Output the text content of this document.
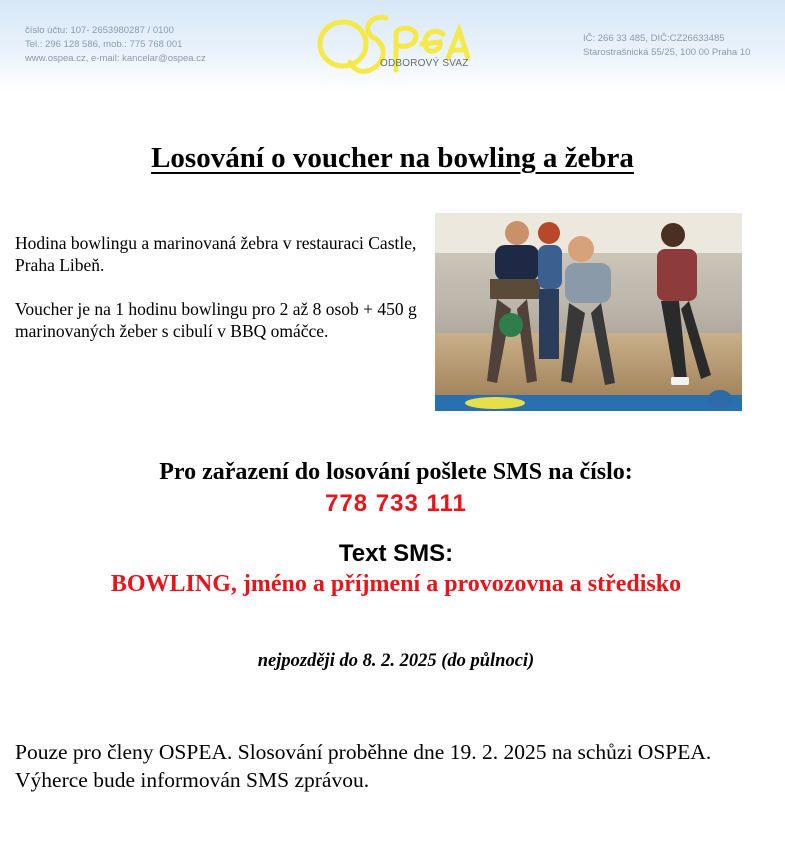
číslo účtu: 107- 2653980287 / 0100
Tel.: 296 128 586, mob.: 775 768 001
www.ospea.cz, e-mail: kancelar@ospea.cz	ODBOROVÝ SVAZ
IČ: 266 33 485, DIČ:CZ26633485
Starostrašnická 55/25, 100 00 Praha 10
Losování o voucher na bowling a žebra

Hodina bowlingu a marinovaná žebra v restauraci Castle, Praha Libeň.

Voucher je na 1 hodinu bowlingu pro 2 až 8 osob + 450 g marinovaných žeber s cibulí v BBQ omáčce.

Pro zařazení do losování pošlete SMS na číslo:
778 733 111
Text SMS:
BOWLING, jméno a příjmení a provozovna a středisko
nejpozději do 8. 2. 2025 (do půlnoci)
Pouze pro členy OSPEA. Slosování proběhne dne 19. 2. 2025 na schůzi OSPEA. Výherce bude informován SMS zprávou.
